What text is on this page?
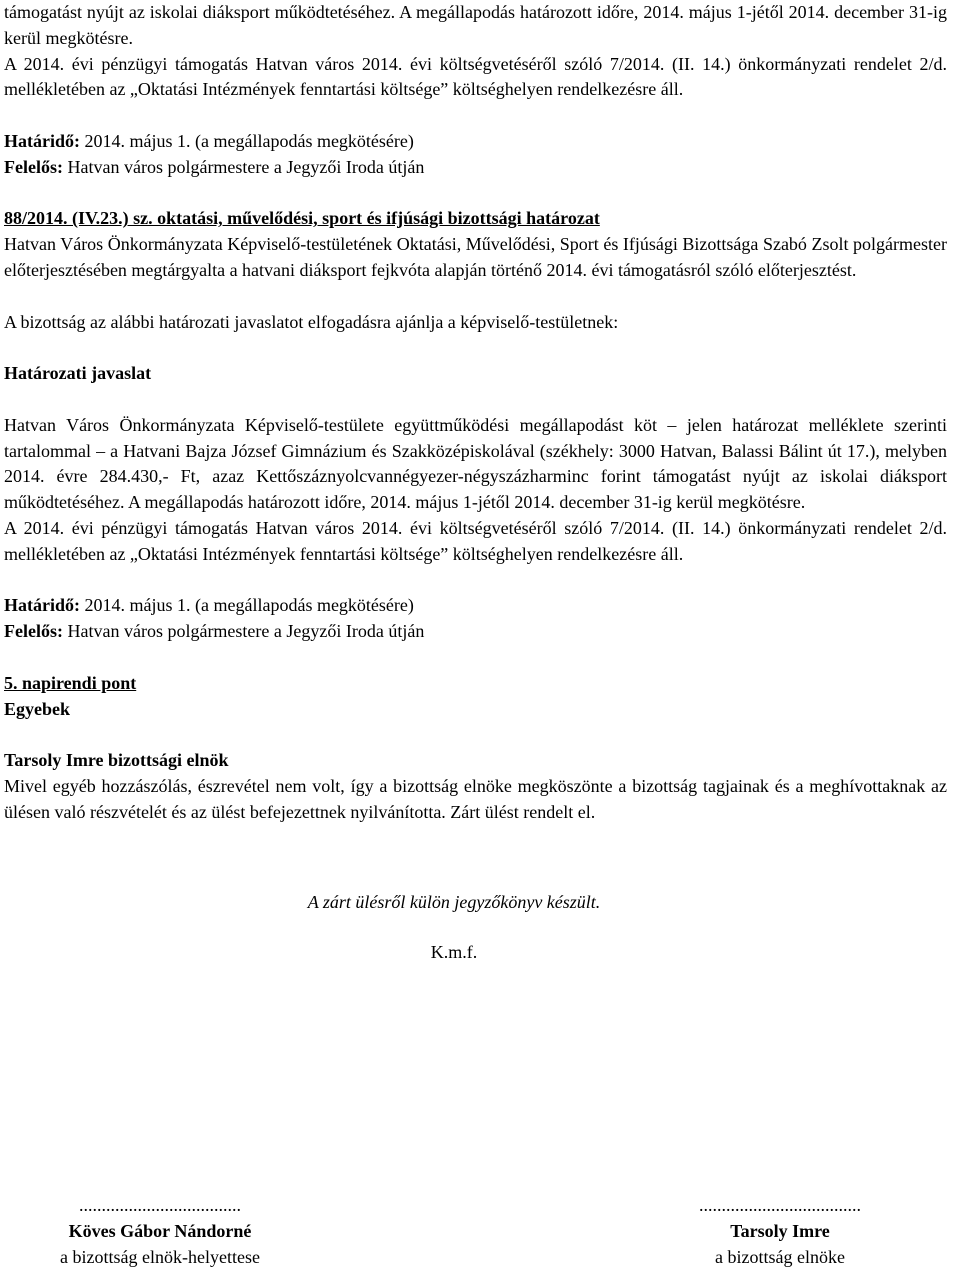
támogatást nyújt az iskolai diáksport működtetéséhez. A megállapodás határozott időre, 2014. május 1-jétől 2014. december 31-ig kerül megkötésre.

A 2014. évi pénzügyi támogatás Hatvan város 2014. évi költségvetéséről szóló 7/2014. (II. 14.) önkormányzati rendelet 2/d. mellékletében az „Oktatási Intézmények fenntartási költsége” költséghelyen rendelkezésre áll.

Határidő: 2014. május 1. (a megállapodás megkötésére)

Felelős: Hatvan város polgármestere a Jegyzői Iroda útján

88/2014. (IV.23.) sz. oktatási, művelődési, sport és ifjúsági bizottsági határozat

Hatvan Város Önkormányzata Képviselő-testületének Oktatási, Művelődési, Sport és Ifjúsági Bizottsága Szabó Zsolt polgármester előterjesztésében megtárgyalta a hatvani diáksport fejkvóta alapján történő 2014. évi támogatásról szóló előterjesztést.

A bizottság az alábbi határozati javaslatot elfogadásra ajánlja a képviselő-testületnek:

Határozati javaslat

Hatvan Város Önkormányzata Képviselő-testülete együttműködési megállapodást köt – jelen határozat melléklete szerinti tartalommal – a Hatvani Bajza József Gimnázium és Szakközépiskolával (székhely: 3000 Hatvan, Balassi Bálint út 17.), melyben 2014. évre 284.430,- Ft, azaz Kettőszáznyolcvannégyezer-négyszázharminc forint támogatást nyújt az iskolai diáksport működtetéséhez. A megállapodás határozott időre, 2014. május 1-jétől 2014. december 31-ig kerül megkötésre.

A 2014. évi pénzügyi támogatás Hatvan város 2014. évi költségvetéséről szóló 7/2014. (II. 14.) önkormányzati rendelet 2/d. mellékletében az „Oktatási Intézmények fenntartási költsége” költséghelyen rendelkezésre áll.

Határidő: 2014. május 1. (a megállapodás megkötésére)

Felelős: Hatvan város polgármestere a Jegyzői Iroda útján

5. napirendi pont

Egyebek

Tarsoly Imre bizottsági elnök

Mivel egyéb hozzászólás, észrevétel nem volt, így a bizottság elnöke megköszönte a bizottság tagjainak és a meghívottaknak az ülésen való részvételét és az ülést befejezettnek nyilvánította. Zárt ülést rendelt el.

A zárt ülésről külön jegyzőkönyv készült.

K.m.f.

....................................

Köves Gábor Nándorné

a bizottság elnök-helyettese

....................................

Tarsoly Imre

a bizottság elnöke
